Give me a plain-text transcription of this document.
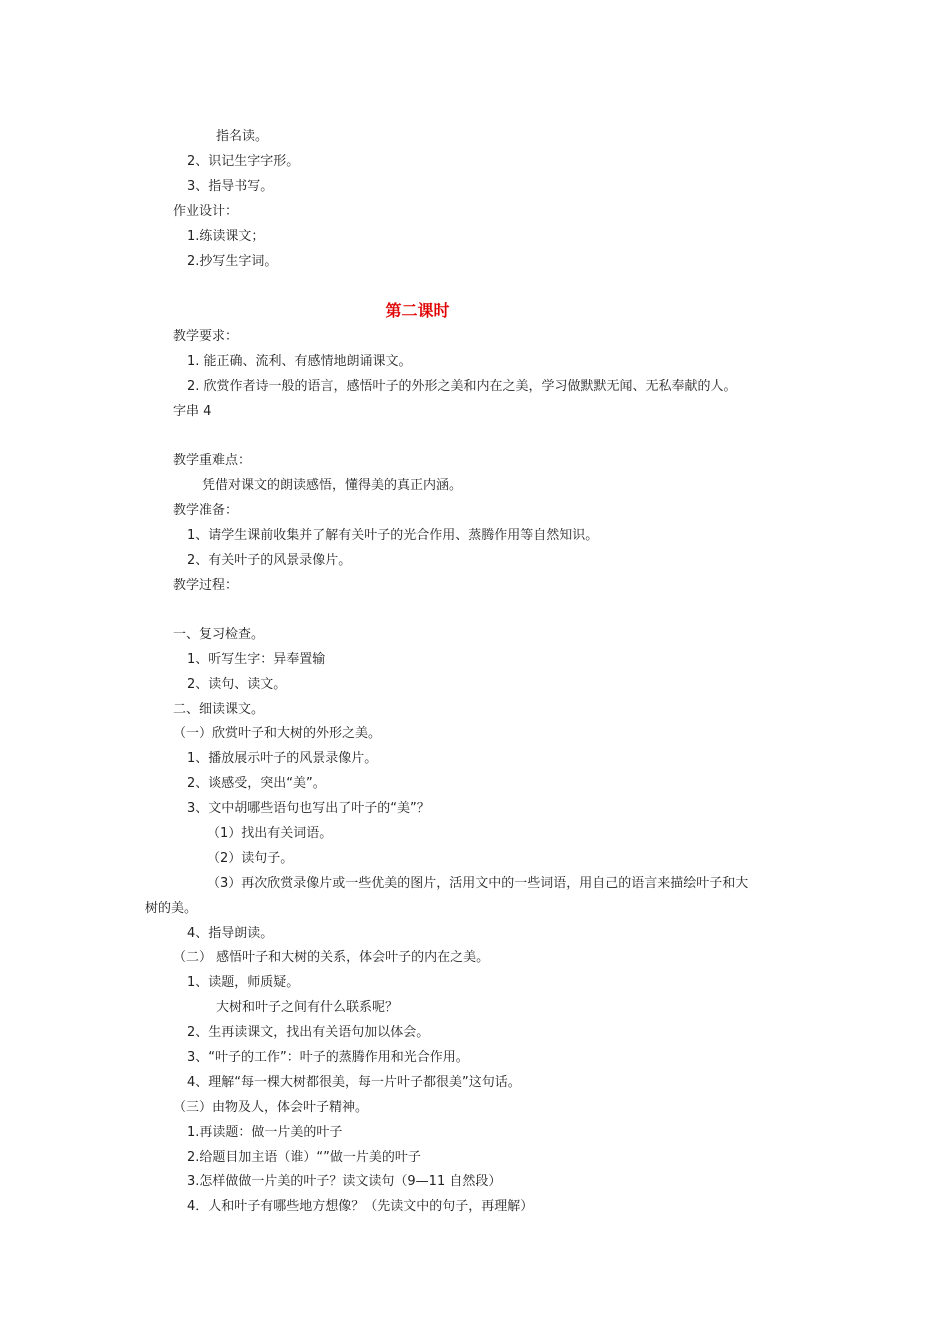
指名读。
2、识记生字字形。
3、指导书写。
作业设计：
1.练读课文；
2.抄写生字词。
第二课时
教学要求：
1. 能正确、流利、有感情地朗诵课文。
2. 欣赏作者诗一般的语言，感悟叶子的外形之美和内在之美，学习做默默无闻、无私奉献的人。
字串 4
教学重难点：
凭借对课文的朗读感悟，懂得美的真正内涵。
教学准备：
1、请学生课前收集并了解有关叶子的光合作用、蒸腾作用等自然知识。
2、有关叶子的风景录像片。
教学过程：
一、复习检查。
1、听写生字：异奉置输
2、读句、读文。
二、细读课文。
（一）欣赏叶子和大树的外形之美。
1、播放展示叶子的风景录像片。
2、谈感受，突出“美”。
3、文中胡哪些语句也写出了叶子的“美”？
（1）找出有关词语。
（2）读句子。
（3）再次欣赏录像片或一些优美的图片，活用文中的一些词语，用自己的语言来描绘叶子和大
树的美。
4、指导朗读。
（二） 感悟叶子和大树的关系，体会叶子的内在之美。
1、读题，师质疑。
大树和叶子之间有什么联系呢？
2、生再读课文，找出有关语句加以体会。
3、“叶子的工作”：叶子的蒸腾作用和光合作用。
4、理解“每一棵大树都很美，每一片叶子都很美”这句话。
（三）由物及人，体会叶子精神。
1.再读题：做一片美的叶子
2.给题目加主语（谁）“”做一片美的叶子
3.怎样做做一片美的叶子？读文读句（9—11 自然段）
4．人和叶子有哪些地方想像？（先读文中的句子，再理解）
